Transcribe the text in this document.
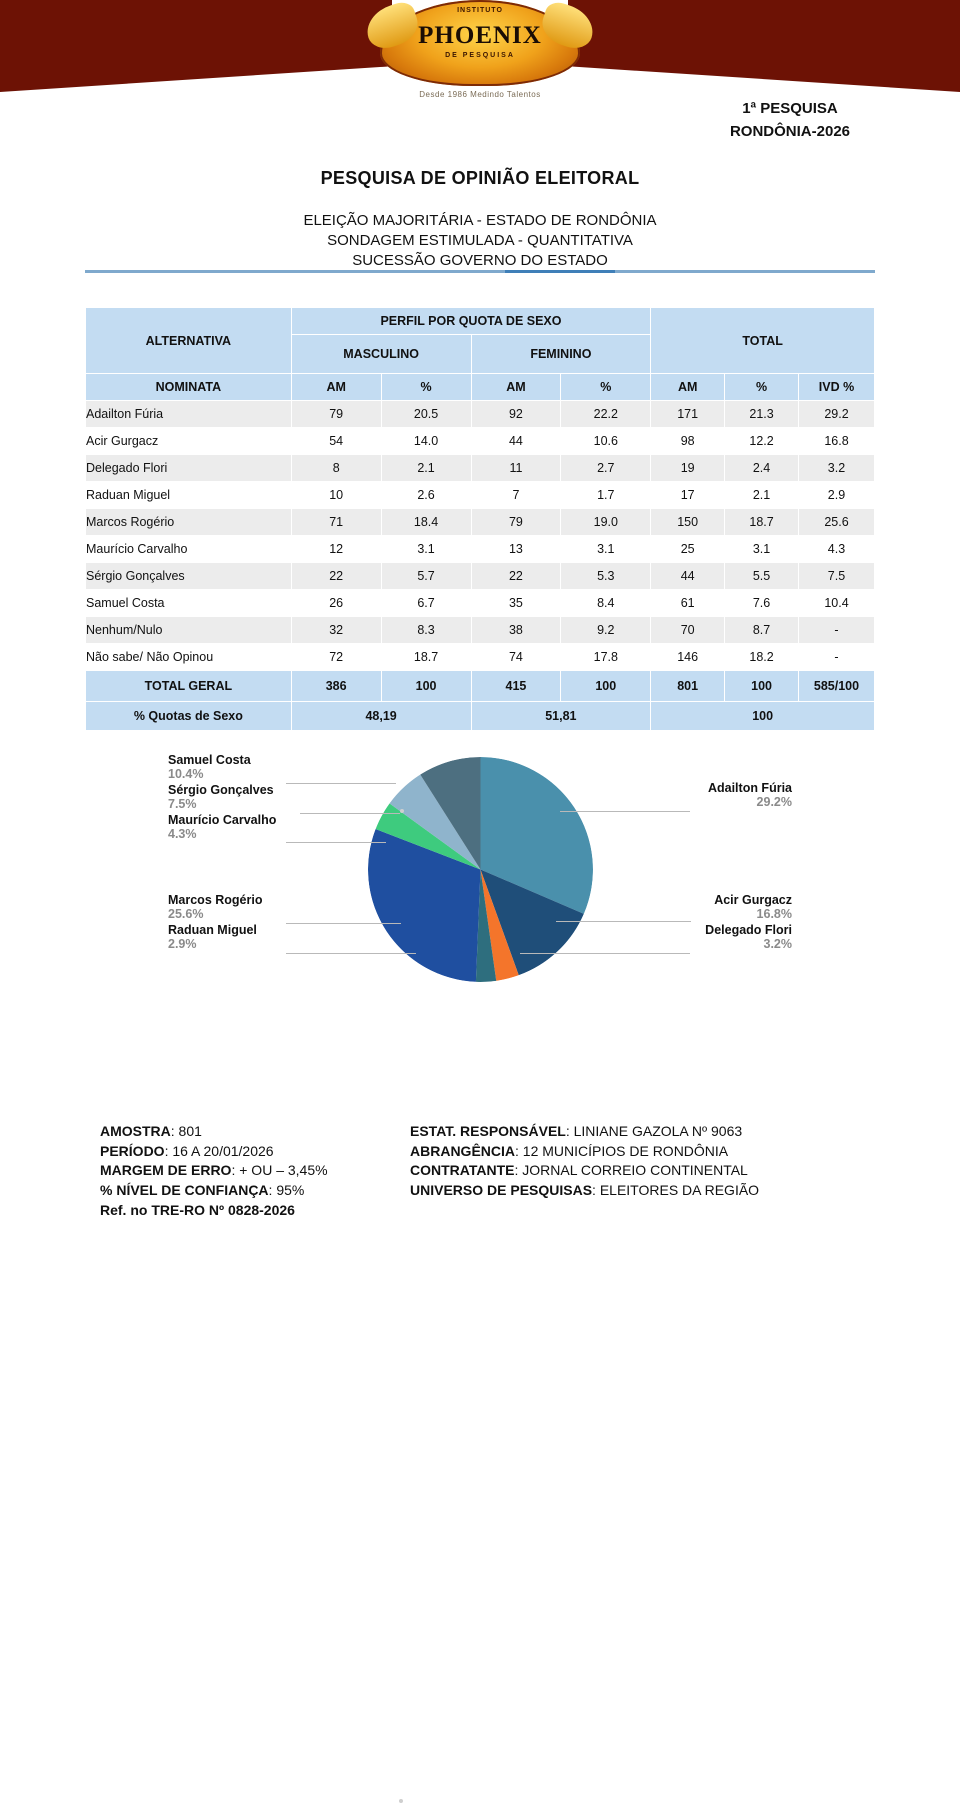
INSTITUTO
PHOENIX
DE PESQUISA
Desde 1986 Medindo Talentos
1ª PESQUISA
RONDÔNIA-2026
PESQUISA DE OPINIÃO ELEITORAL
ELEIÇÃO MAJORITÁRIA - ESTADO DE RONDÔNIA
SONDAGEM ESTIMULADA - QUANTITATIVA
SUCESSÃO GOVERNO DO ESTADO
ALTERNATIVA	PERFIL POR QUOTA DE SEXO				TOTAL		
	MASCULINO		FEMININO				
NOMINATA	AM	%	AM	%	AM	%	IVD %
Adailton Fúria	79	20.5	92	22.2	171	21.3	29.2
Acir Gurgacz	54	14.0	44	10.6	98	12.2	16.8
Delegado Flori	8	2.1	11	2.7	19	2.4	3.2
Raduan Miguel	10	2.6	7	1.7	17	2.1	2.9
Marcos Rogério	71	18.4	79	19.0	150	18.7	25.6
Maurício Carvalho	12	3.1	13	3.1	25	3.1	4.3
Sérgio Gonçalves	22	5.7	22	5.3	44	5.5	7.5
Samuel Costa	26	6.7	35	8.4	61	7.6	10.4
Nenhum/Nulo	32	8.3	38	9.2	70	8.7	-
Não sabe/ Não Opinou	72	18.7	74	17.8	146	18.2	-
TOTAL GERAL	386	100	415	100	801	100	585/100
% Quotas de Sexo	48,19		51,81		100		
Samuel Costa
10.4%
Sérgio Gonçalves
7.5%
Maurício Carvalho
4.3%
Marcos Rogério
25.6%
Raduan Miguel
2.9%
Adailton Fúria
29.2%
Acir Gurgacz
16.8%
Delegado Flori
3.2%
AMOSTRA: 801
PERÍODO: 16 A 20/01/2026
MARGEM DE ERRO: + OU – 3,45%
% NÍVEL DE CONFIANÇA: 95%
Ref. no TRE-RO Nº 0828-2026
ESTAT. RESPONSÁVEL: LINIANE GAZOLA Nº 9063
ABRANGÊNCIA: 12 MUNICÍPIOS DE RONDÔNIA
CONTRATANTE: JORNAL CORREIO CONTINENTAL
UNIVERSO DE PESQUISAS: ELEITORES DA REGIÃO
